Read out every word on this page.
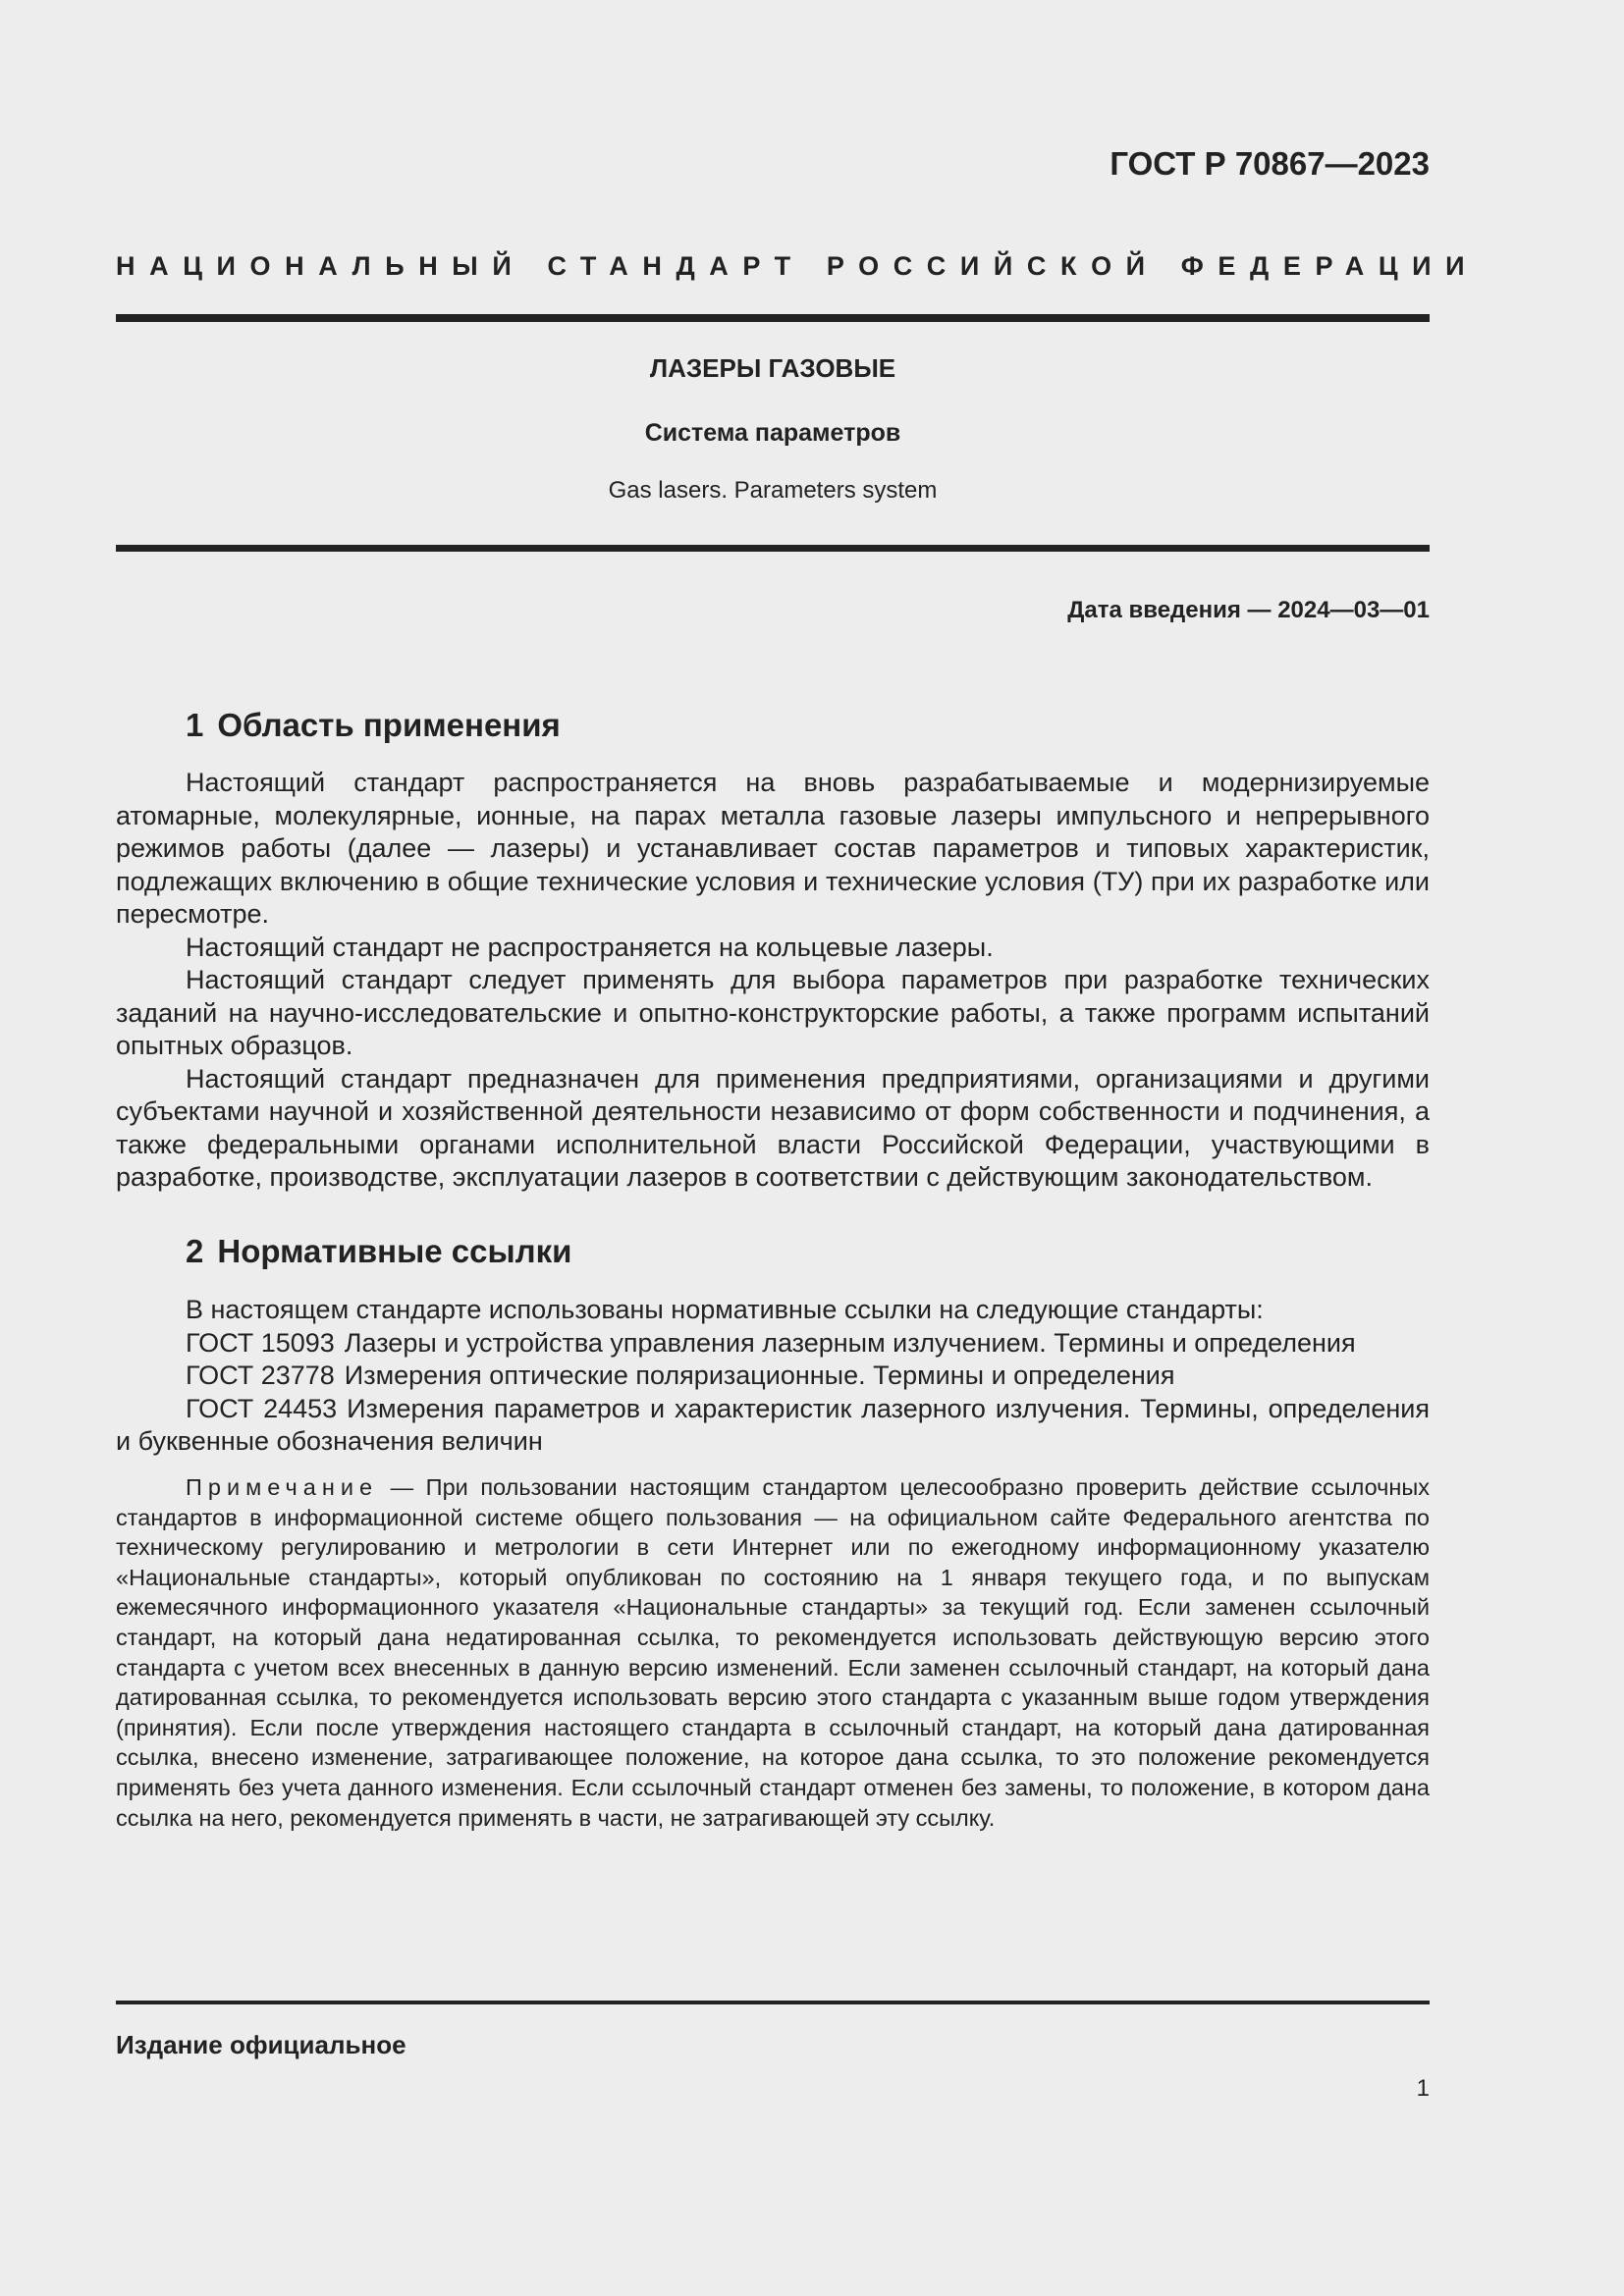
ГОСТ Р 70867—2023
НАЦИОНАЛЬНЫЙ СТАНДАРТ РОССИЙСКОЙ ФЕДЕРАЦИИ
ЛАЗЕРЫ ГАЗОВЫЕ
Система параметров
Gas lasers. Parameters system
Дата введения — 2024—03—01
1 Область применения

Настоящий стандарт распространяется на вновь разрабатываемые и модернизируемые атомарные, молекулярные, ионные, на парах металла газовые лазеры импульсного и непрерывного режимов работы (далее — лазеры) и устанавливает состав параметров и типовых характеристик, подлежащих включению в общие технические условия и технические условия (ТУ) при их разработке или пересмотре.

Настоящий стандарт не распространяется на кольцевые лазеры.

Настоящий стандарт следует применять для выбора параметров при разработке технических заданий на научно-исследовательские и опытно-конструкторские работы, а также программ испытаний опытных образцов.

Настоящий стандарт предназначен для применения предприятиями, организациями и другими субъектами научной и хозяйственной деятельности независимо от форм собственности и подчинения, а также федеральными органами исполнительной власти Российской Федерации, участвующими в разработке, производстве, эксплуатации лазеров в соответствии с действующим законодательством.

2 Нормативные ссылки

В настоящем стандарте использованы нормативные ссылки на следующие стандарты:

ГОСТ 15093 Лазеры и устройства управления лазерным излучением. Термины и определения

ГОСТ 23778 Измерения оптические поляризационные. Термины и определения

ГОСТ 24453 Измерения параметров и характеристик лазерного излучения. Термины, определения и буквенные обозначения величин

Примечание — При пользовании настоящим стандартом целесообразно проверить действие ссылочных стандартов в информационной системе общего пользования — на официальном сайте Федерального агентства по техническому регулированию и метрологии в сети Интернет или по ежегодному информационному указателю «Национальные стандарты», который опубликован по состоянию на 1 января текущего года, и по выпускам ежемесячного информационного указателя «Национальные стандарты» за текущий год. Если заменен ссылочный стандарт, на который дана недатированная ссылка, то рекомендуется использовать действующую версию этого стандарта с учетом всех внесенных в данную версию изменений. Если заменен ссылочный стандарт, на который дана датированная ссылка, то рекомендуется использовать версию этого стандарта с указанным выше годом утверждения (принятия). Если после утверждения настоящего стандарта в ссылочный стандарт, на который дана датированная ссылка, внесено изменение, затрагивающее положение, на которое дана ссылка, то это положение рекомендуется применять без учета данного изменения. Если ссылочный стандарт отменен без замены, то положение, в котором дана ссылка на него, рекомендуется применять в части, не затрагивающей эту ссылку.

Издание официальное
1
